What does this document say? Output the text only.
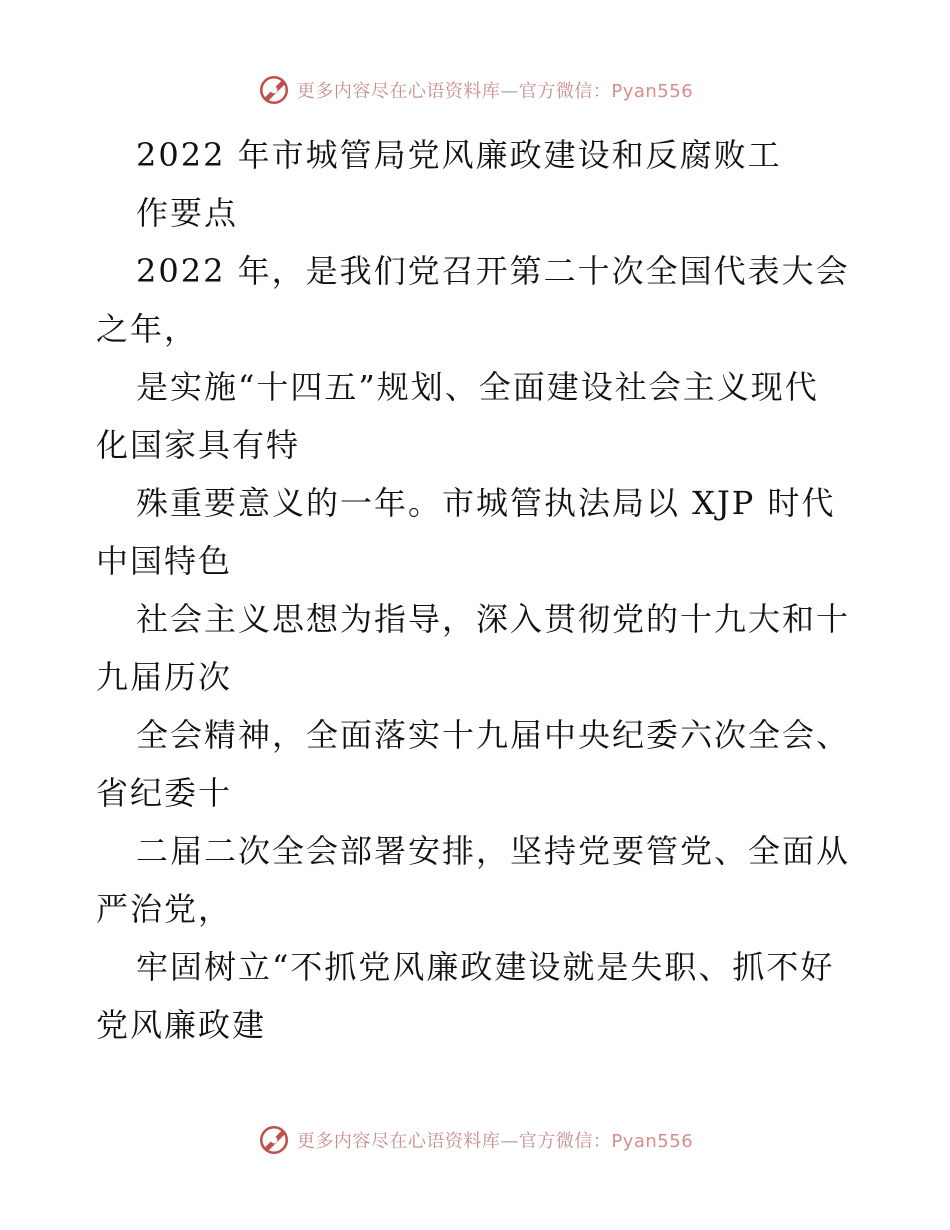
更多内容尽在心语资料库—官方微信：Pyan556

2022 年市城管局党风廉政建设和反腐败工

作要点

2022 年，是我们党召开第二十次全国代表大会

之年，

是实施“十四五”规划、全面建设社会主义现代

化国家具有特

殊重要意义的一年。市城管执法局以 XJP 时代

中国特色

社会主义思想为指导，深入贯彻党的十九大和十

九届历次

全会精神，全面落实十九届中央纪委六次全会、

省纪委十

二届二次全会部署安排，坚持党要管党、全面从

严治党，

牢固树立“不抓党风廉政建设就是失职、抓不好

党风廉政建

更多内容尽在心语资料库—官方微信：Pyan556
